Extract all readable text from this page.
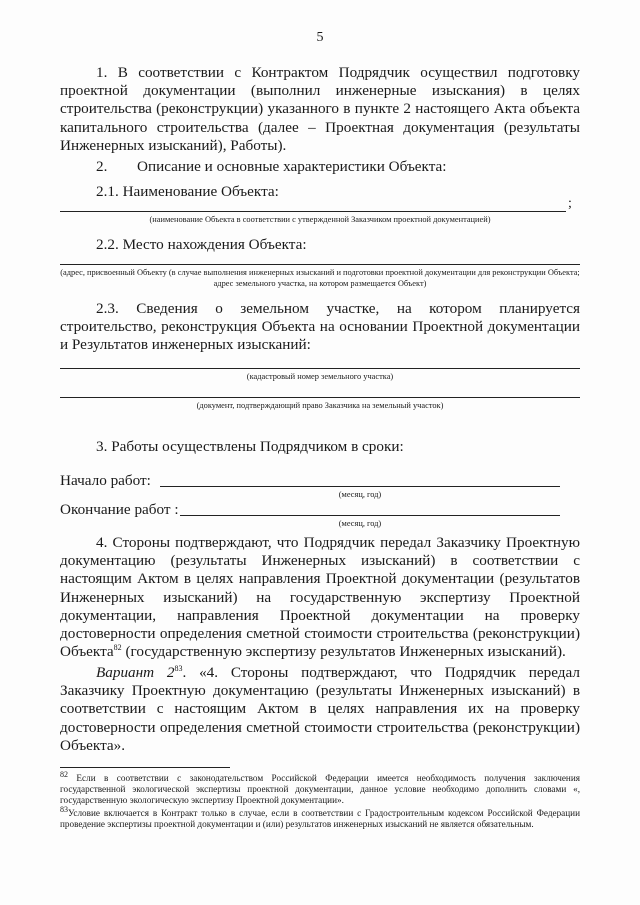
5

1. В соответствии с Контрактом Подрядчик осуществил подготовку проектной документации (выполнил инженерные изыскания) в целях строительства (реконструкции) указанного в пункте 2 настоящего Акта объекта капитального строительства (далее – Проектная документация (результаты Инженерных изысканий), Работы).

2. Описание и основные характеристики Объекта:
2.1. Наименование Объекта:
;
(наименование Объекта в соответствии с утвержденной Заказчиком проектной документацией)
2.2. Место нахождения Объекта:
(адрес, присвоенный Объекту (в случае выполнения инженерных изысканий и подготовки проектной документации для реконструкции Объекта; адрес земельного участка, на котором размещается Объект)

2.3. Сведения о земельном участке, на котором планируется строительство, реконструкция Объекта на основании Проектной документации и Результатов инженерных изысканий:

(кадастровый номер земельного участка)
(документ, подтверждающий право Заказчика на земельный участок)
3. Работы осуществлены Подрядчиком в сроки:
Начало работ:
(месяц, год)
Окончание работ :
(месяц, год)

4. Стороны подтверждают, что Подрядчик передал Заказчику Проектную документацию (результаты Инженерных изысканий) в соответствии с настоящим Актом в целях направления Проектной документации (результатов Инженерных изысканий) на государственную экспертизу Проектной документации, направления Проектной документации на проверку достоверности определения сметной стоимости строительства (реконструкции) Объекта$^{82}$ (государственную экспертизу результатов Инженерных изысканий).

Вариант $2^{83}$. «4. Стороны подтверждают, что Подрядчик передал Заказчику Проектную документацию (результаты Инженерных изысканий) в соответствии с настоящим Актом в целях направления их на проверку достоверности определения сметной стоимости строительства (реконструкции) Объекта».

$^{82}$ Если в соответствии с законодательством Российской Федерации имеется необходимость получения заключения государственной экологической экспертизы проектной документации, данное условие необходимо дополнить словами «, государственную экологическую экспертизу Проектной документации».

$^{83}$Условие включается в Контракт только в случае, если в соответствии с Градостроительным кодексом Российской Федерации проведение экспертизы проектной документации и (или) результатов инженерных изысканий не является обязательным.
